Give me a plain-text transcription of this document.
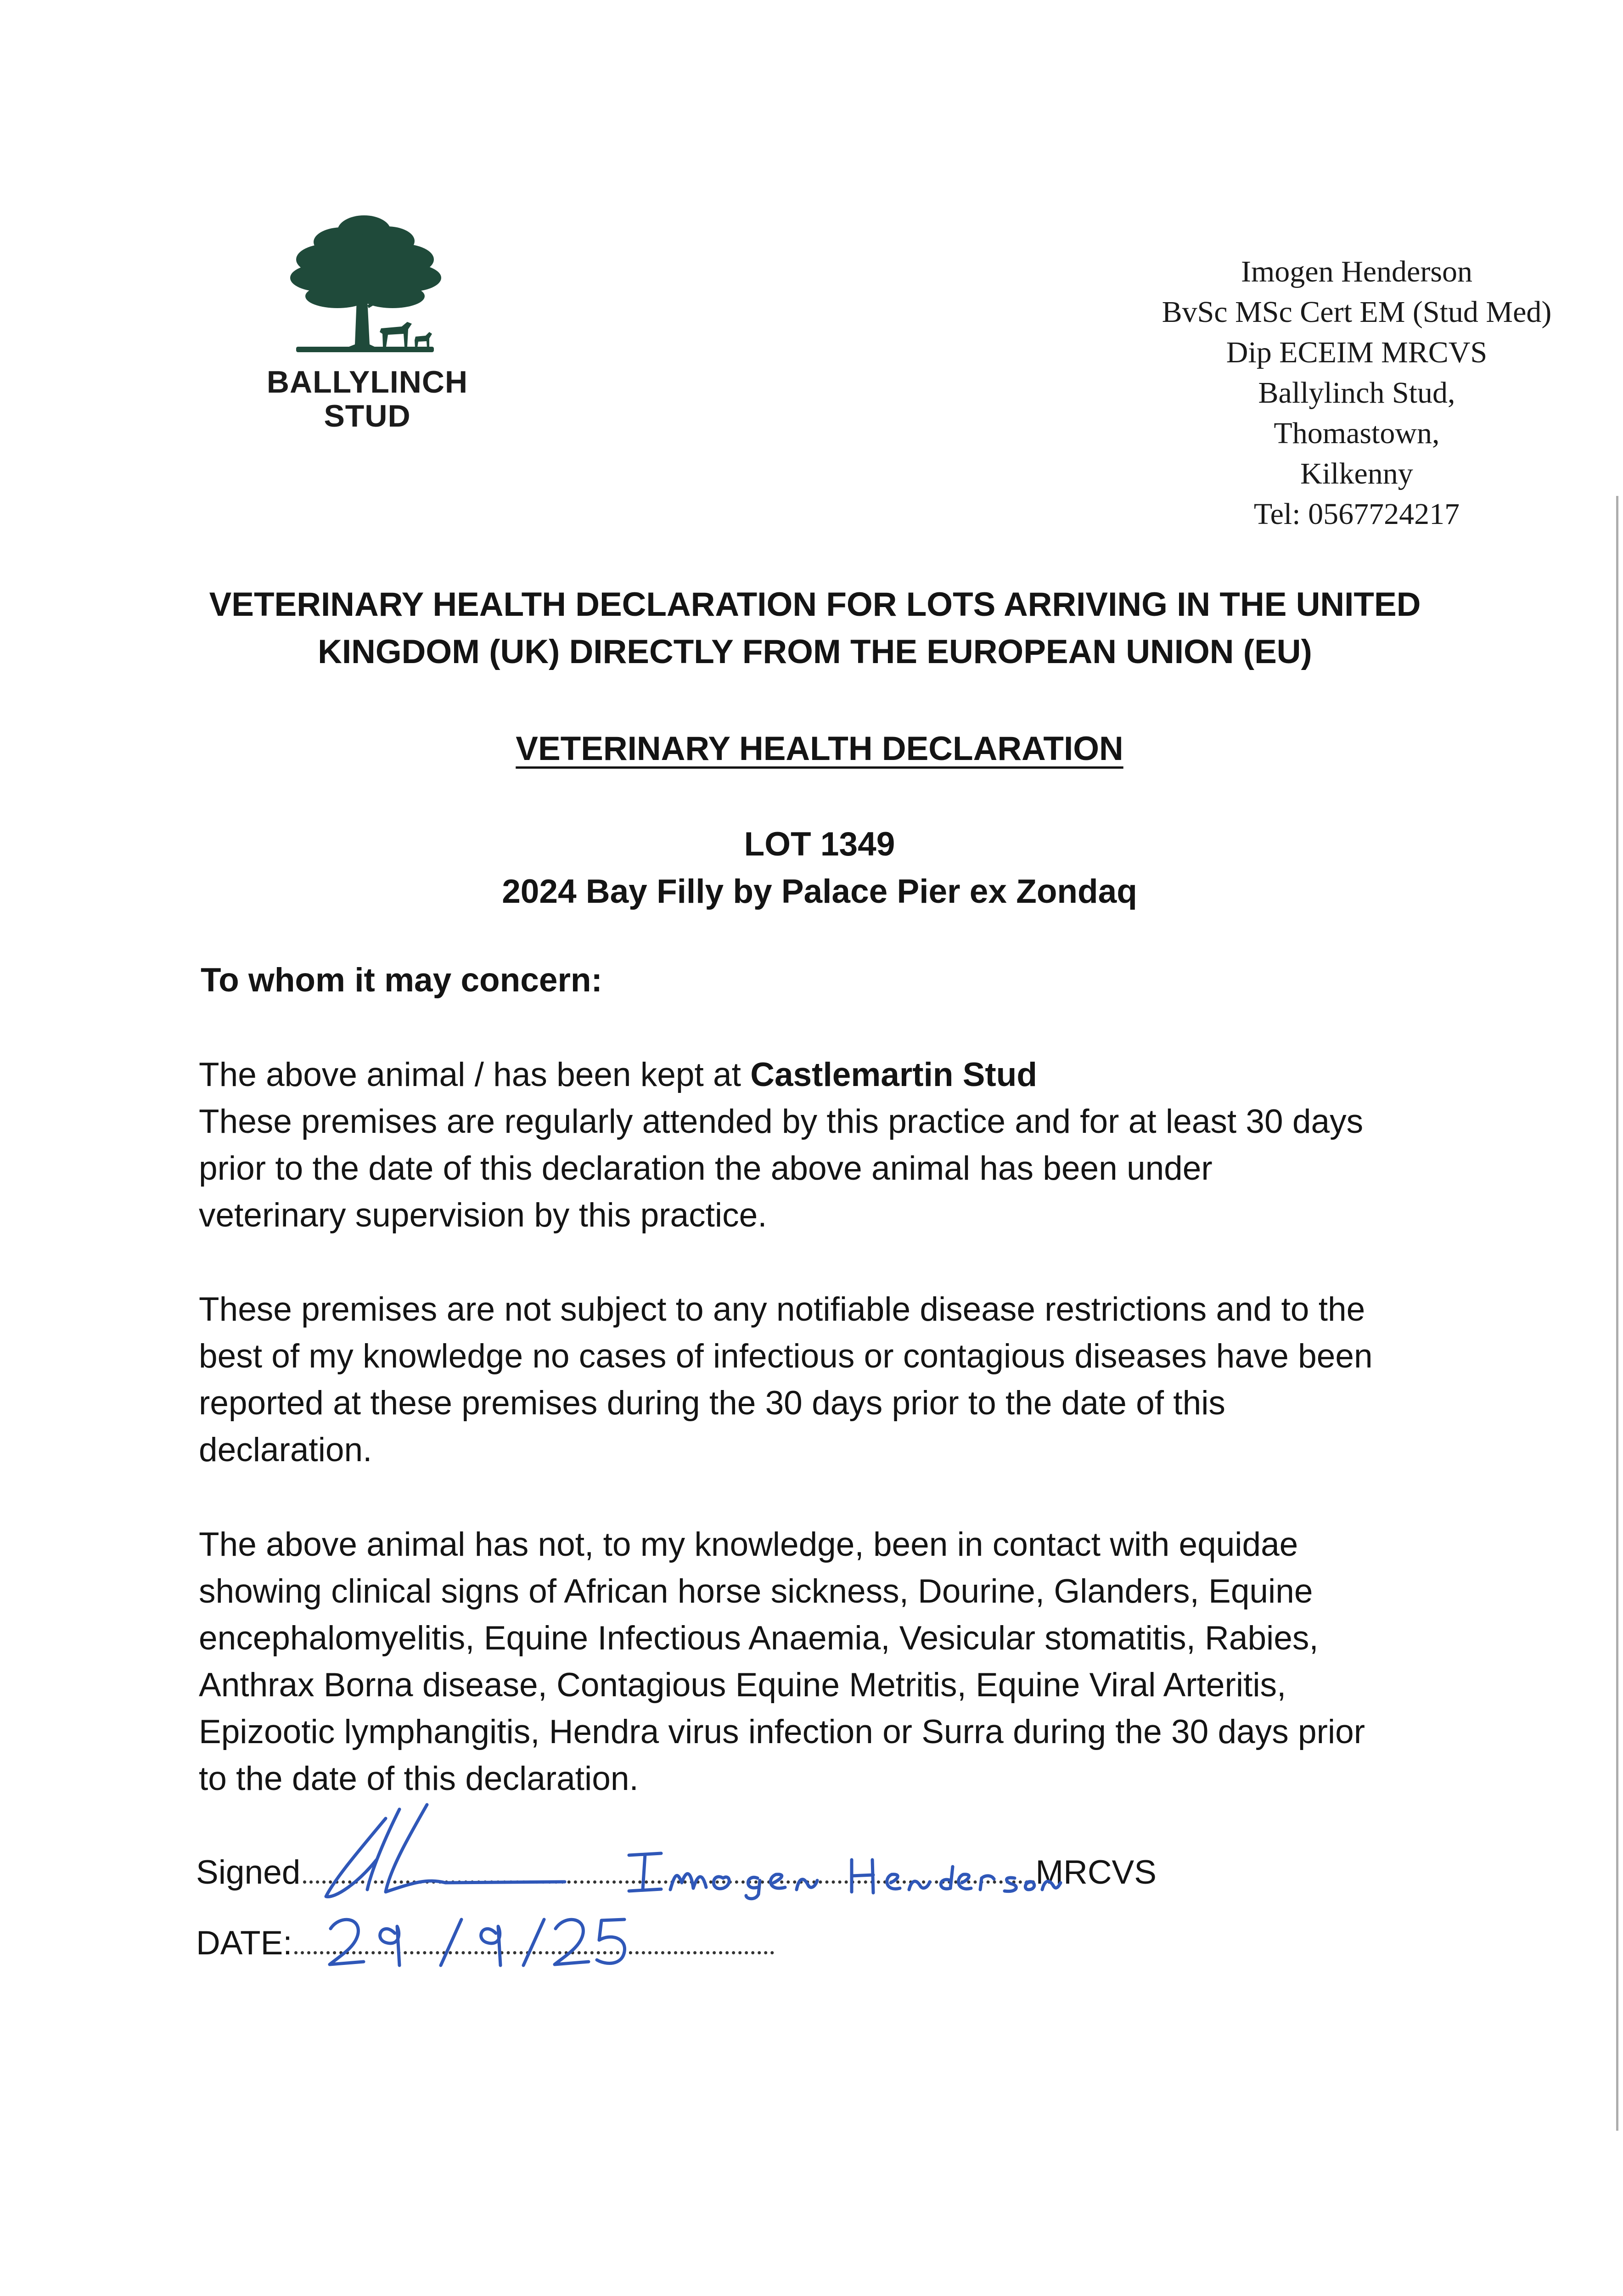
BALLYLINCH
STUD
Imogen Henderson
BvSc MSc Cert EM (Stud Med)
Dip ECEIM MRCVS
Ballylinch Stud,
Thomastown,
Kilkenny
Tel: 0567724217
VETERINARY HEALTH DECLARATION FOR LOTS ARRIVING IN THE UNITED
KINGDOM (UK) DIRECTLY FROM THE EUROPEAN UNION (EU)
VETERINARY HEALTH DECLARATION
LOT 1349
2024 Bay Filly by Palace Pier ex Zondaq
To whom it may concern:
The above animal / has been kept at Castlemartin Stud
These premises are regularly attended by this practice and for at least 30 days
prior to the date of this declaration the above animal has been under
veterinary supervision by this practice.
These premises are not subject to any notifiable disease restrictions and to the
best of my knowledge no cases of infectious or contagious diseases have been
reported at these premises during the 30 days prior to the date of this
declaration.
The above animal has not, to my knowledge, been in contact with equidae
showing clinical signs of African horse sickness, Dourine, Glanders, Equine
encephalomyelitis, Equine Infectious Anaemia, Vesicular stomatitis, Rabies,
Anthrax Borna disease, Contagious Equine Metritis, Equine Viral Arteritis,
Epizootic lymphangitis, Hendra virus infection or Surra during the 30 days prior
to the date of this declaration.
Signed	MRCVS
DATE:
